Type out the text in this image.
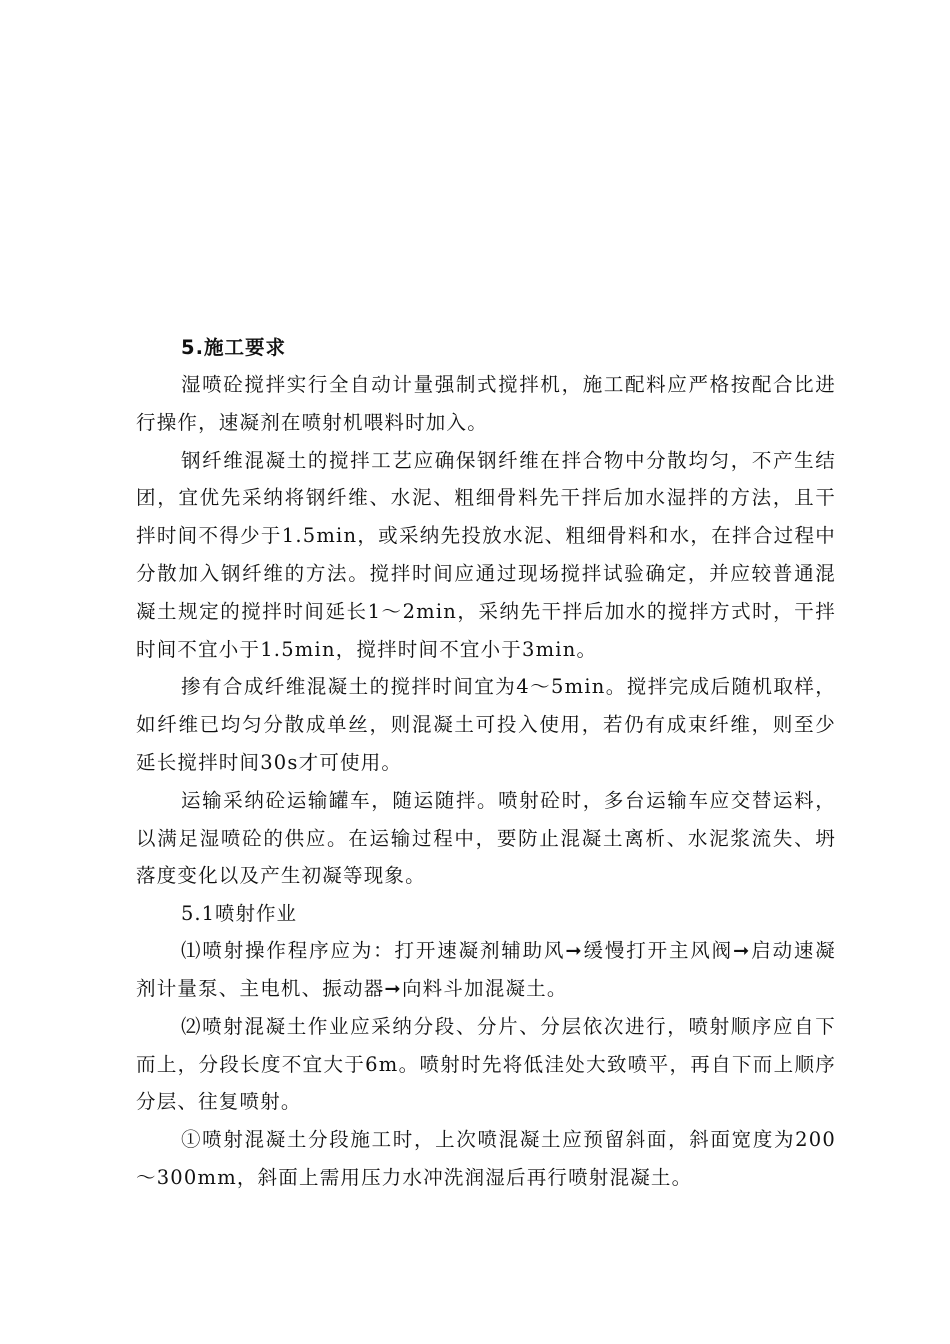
5.施工要求

湿喷砼搅拌实行全自动计量强制式搅拌机，施工配料应严格按配合比进行操作，速凝剂在喷射机喂料时加入。

钢纤维混凝土的搅拌工艺应确保钢纤维在拌合物中分散均匀，不产生结团，宜优先采纳将钢纤维、水泥、粗细骨料先干拌后加水湿拌的方法，且干拌时间不得少于1.5min，或采纳先投放水泥、粗细骨料和水，在拌合过程中分散加入钢纤维的方法。搅拌时间应通过现场搅拌试验确定，并应较普通混凝土规定的搅拌时间延长1～2min，采纳先干拌后加水的搅拌方式时，干拌时间不宜小于1.5min，搅拌时间不宜小于3min。

掺有合成纤维混凝土的搅拌时间宜为4～5min。搅拌完成后随机取样，如纤维已均匀分散成单丝，则混凝土可投入使用，若仍有成束纤维，则至少延长搅拌时间30s才可使用。

运输采纳砼运输罐车，随运随拌。喷射砼时，多台运输车应交替运料，以满足湿喷砼的供应。在运输过程中，要防止混凝土离析、水泥浆流失、坍落度变化以及产生初凝等现象。

5.1喷射作业

⑴喷射操作程序应为：打开速凝剂辅助风➞缓慢打开主风阀➞启动速凝剂计量泵、主电机、振动器➞向料斗加混凝土。

⑵喷射混凝土作业应采纳分段、分片、分层依次进行，喷射顺序应自下而上，分段长度不宜大于6m。喷射时先将低洼处大致喷平，再自下而上顺序分层、往复喷射。

①喷射混凝土分段施工时，上次喷混凝土应预留斜面，斜面宽度为200～300mm，斜面上需用压力水冲洗润湿后再行喷射混凝土。
